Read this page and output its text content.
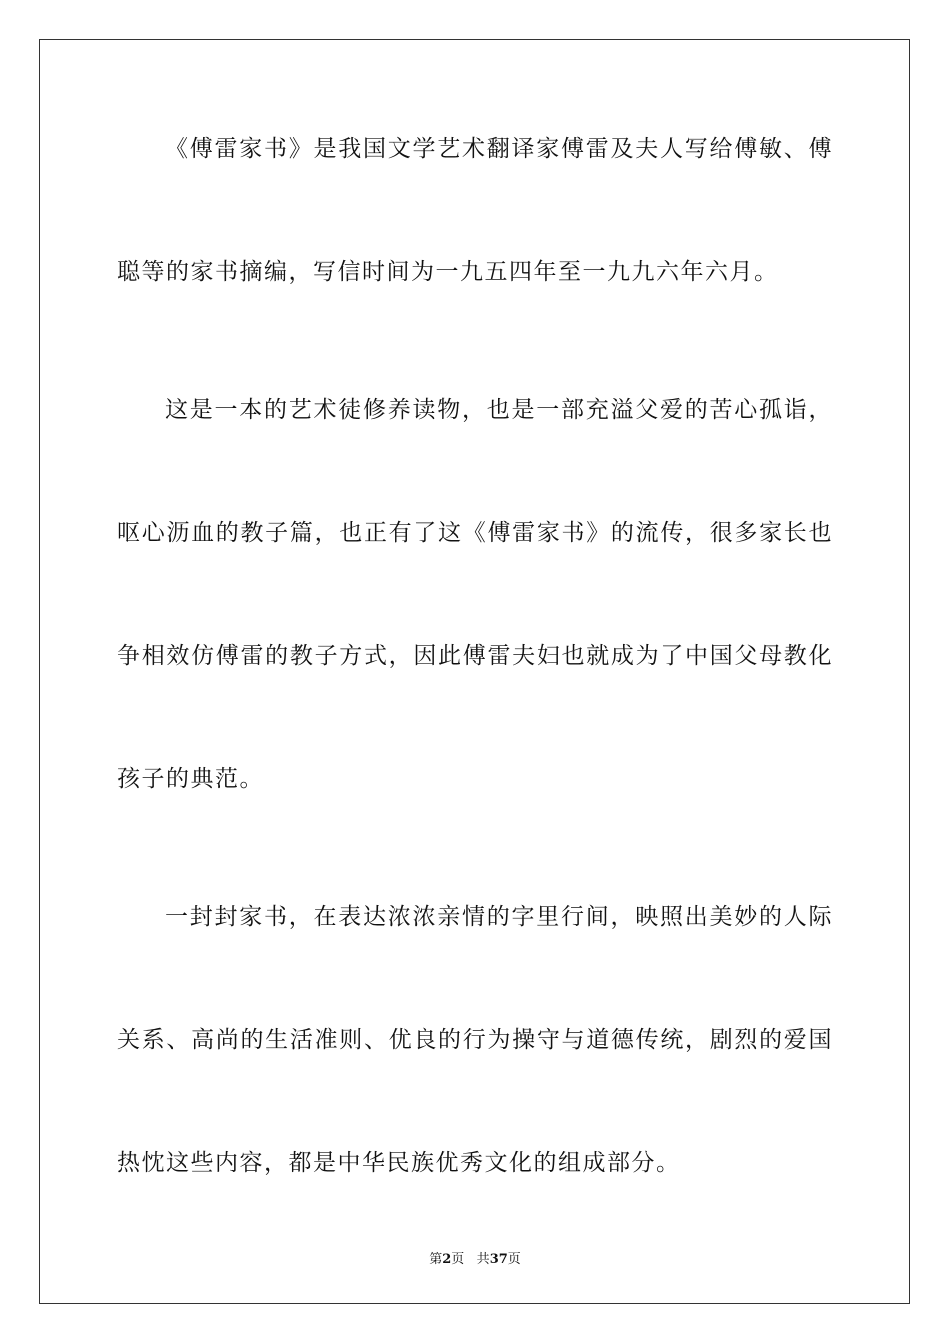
《傅雷家书》是我国文学艺术翻译家傅雷及夫人写给傅敏、傅聪等的家书摘编，写信时间为一九五四年至一九九六年六月。

这是一本的艺术徒修养读物，也是一部充溢父爱的苦心孤诣，呕心沥血的教子篇，也正有了这《傅雷家书》的流传，很多家长也争相效仿傅雷的教子方式，因此傅雷夫妇也就成为了中国父母教化孩子的典范。

一封封家书，在表达浓浓亲情的字里行间，映照出美妙的人际关系、高尚的生活准则、优良的行为操守与道德传统，剧烈的爱国热忱这些内容，都是中华民族优秀文化的组成部分。

第2页 共37页
